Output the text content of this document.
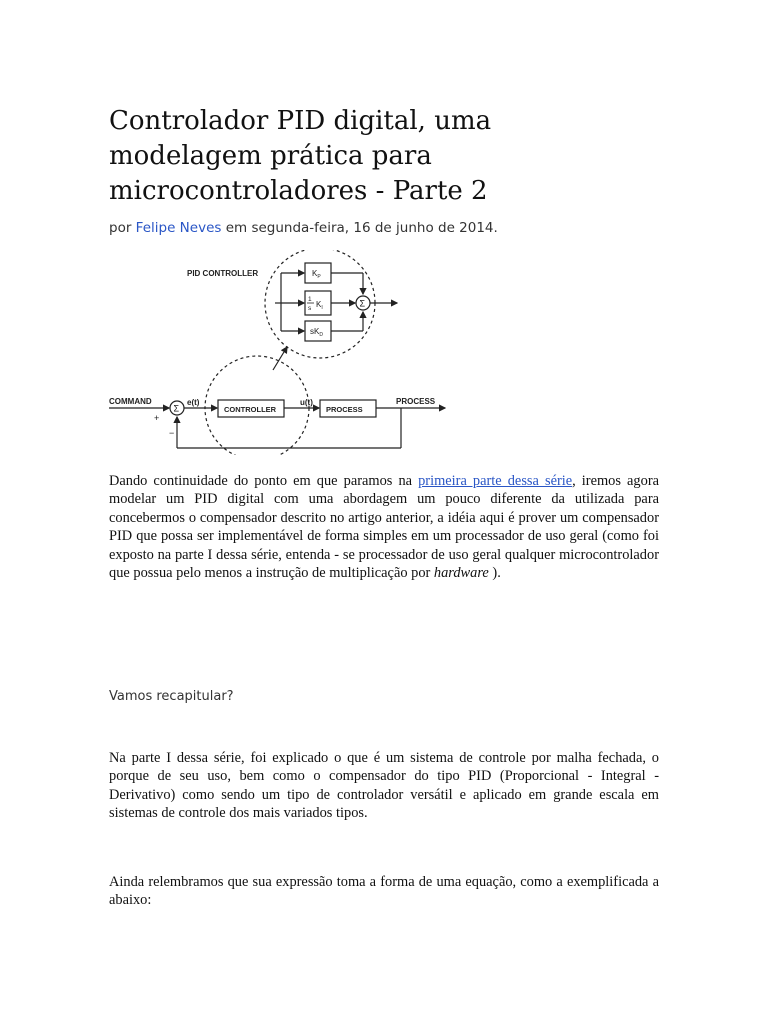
Controlador PID digital, uma modelagem prática para microcontroladores - Parte 2
por Felipe Neves em segunda-feira, 16 de junho de 2014.
PID CONTROLLER	$K_P$
1
s $K_I$
$sK_D$
Σ
Σ
COMMAND
+
−
e(t)
CONTROLLER
u(t)
PROCESS
PROCESS

Dando continuidade do ponto em que paramos na primeira parte dessa série, iremos agora modelar um PID digital com uma abordagem um pouco diferente da utilizada para concebermos o compensador descrito no artigo anterior, a idéia aqui é prover um compensador PID que possa ser implementável de forma simples em um processador de uso geral (como foi exposto na parte I dessa série, entenda - se processador de uso geral qualquer microcontrolador que possua pelo menos a instrução de multiplicação por hardware ).

Vamos recapitular?

Na parte I dessa série, foi explicado o que é um sistema de controle por malha fechada, o porque de seu uso, bem como o compensador do tipo PID (Proporcional - Integral - Derivativo) como sendo um tipo de controlador versátil e aplicado em grande escala em sistemas de controle dos mais variados tipos.

Ainda relembramos que sua expressão toma a forma de uma equação, como a exemplificada a abaixo:
